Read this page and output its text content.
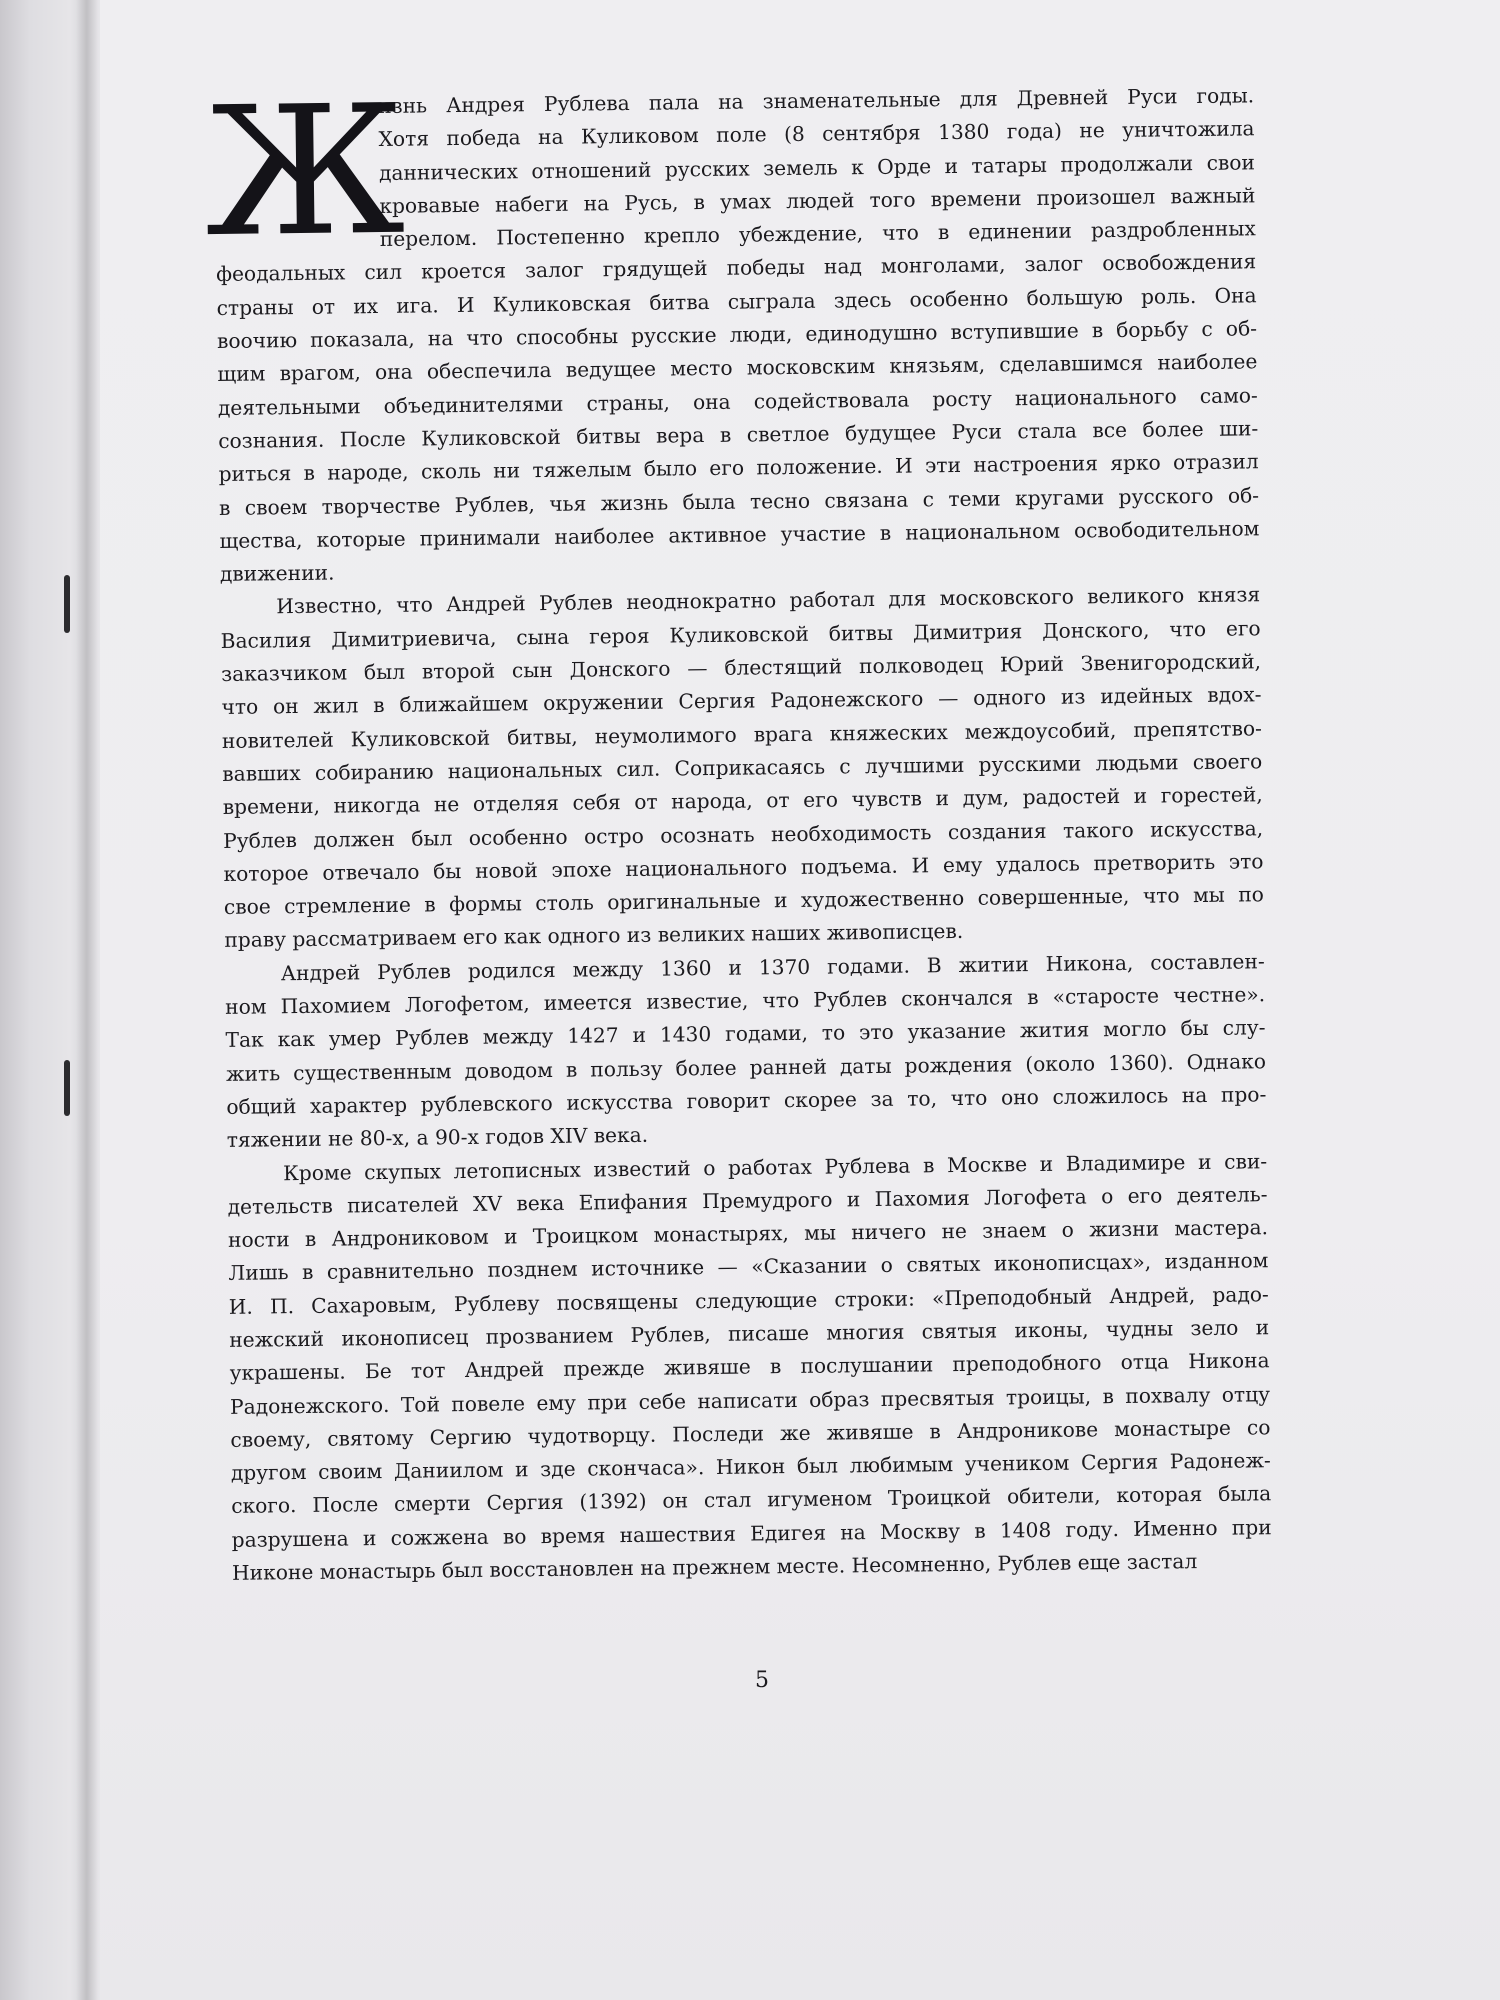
Ж
изнь Андрея Рублева пала на знаменательные для Древней Руси годы.
Хотя победа на Куликовом поле (8 сентября 1380 года) не уничтожила
даннических отношений русских земель к Орде и татары продолжали свои
кровавые набеги на Русь, в умах людей того времени произошел важный
перелом. Постепенно крепло убеждение, что в единении раздробленных
феодальных сил кроется залог грядущей победы над монголами, залог освобождения
страны от их ига. И Куликовская битва сыграла здесь особенно большую роль. Она
воочию показала, на что способны русские люди, единодушно вступившие в борьбу с об-
щим врагом, она обеспечила ведущее место московским князьям, сделавшимся наиболее
деятельными объединителями страны, она содействовала росту национального само-
сознания. После Куликовской битвы вера в светлое будущее Руси стала все более ши-
риться в народе, сколь ни тяжелым было его положение. И эти настроения ярко отразил
в своем творчестве Рублев, чья жизнь была тесно связана с теми кругами русского об-
щества, которые принимали наиболее активное участие в национальном освободительном
движении.
Известно, что Андрей Рублев неоднократно работал для московского великого князя
Василия Димитриевича, сына героя Куликовской битвы Димитрия Донского, что его
заказчиком был второй сын Донского — блестящий полководец Юрий Звенигородский,
что он жил в ближайшем окружении Сергия Радонежского — одного из идейных вдох-
новителей Куликовской битвы, неумолимого врага княжеских междоусобий, препятство-
вавших собиранию национальных сил. Соприкасаясь с лучшими русскими людьми своего
времени, никогда не отделяя себя от народа, от его чувств и дум, радостей и горестей,
Рублев должен был особенно остро осознать необходимость создания такого искусства,
которое отвечало бы новой эпохе национального подъема. И ему удалось претворить это
свое стремление в формы столь оригинальные и художественно совершенные, что мы по
праву рассматриваем его как одного из великих наших живописцев.
Андрей Рублев родился между 1360 и 1370 годами. В житии Никона, составлен-
ном Пахомием Логофетом, имеется известие, что Рублев скончался в «старосте честне».
Так как умер Рублев между 1427 и 1430 годами, то это указание жития могло бы слу-
жить существенным доводом в пользу более ранней даты рождения (около 1360). Однако
общий характер рублевского искусства говорит скорее за то, что оно сложилось на про-
тяжении не 80-х, а 90-х годов XIV века.
Кроме скупых летописных известий о работах Рублева в Москве и Владимире и сви-
детельств писателей XV века Епифания Премудрого и Пахомия Логофета о его деятель-
ности в Андрониковом и Троицком монастырях, мы ничего не знаем о жизни мастера.
Лишь в сравнительно позднем источнике — «Сказании о святых иконописцах», изданном
И. П. Сахаровым, Рублеву посвящены следующие строки: «Преподобный Андрей, радо-
нежский иконописец прозванием Рублев, писаше многия святыя иконы, чудны зело и
украшены. Бе тот Андрей прежде живяше в послушании преподобного отца Никона
Радонежского. Той повеле ему при себе написати образ пресвятыя троицы, в похвалу отцу
своему, святому Сергию чудотворцу. Последи же живяше в Андроникове монастыре со
другом своим Даниилом и зде скончаса». Никон был любимым учеником Сергия Радонеж-
ского. После смерти Сергия (1392) он стал игуменом Троицкой обители, которая была
разрушена и сожжена во время нашествия Едигея на Москву в 1408 году. Именно при
Никоне монастырь был восстановлен на прежнем месте. Несомненно, Рублев еще застал
5
